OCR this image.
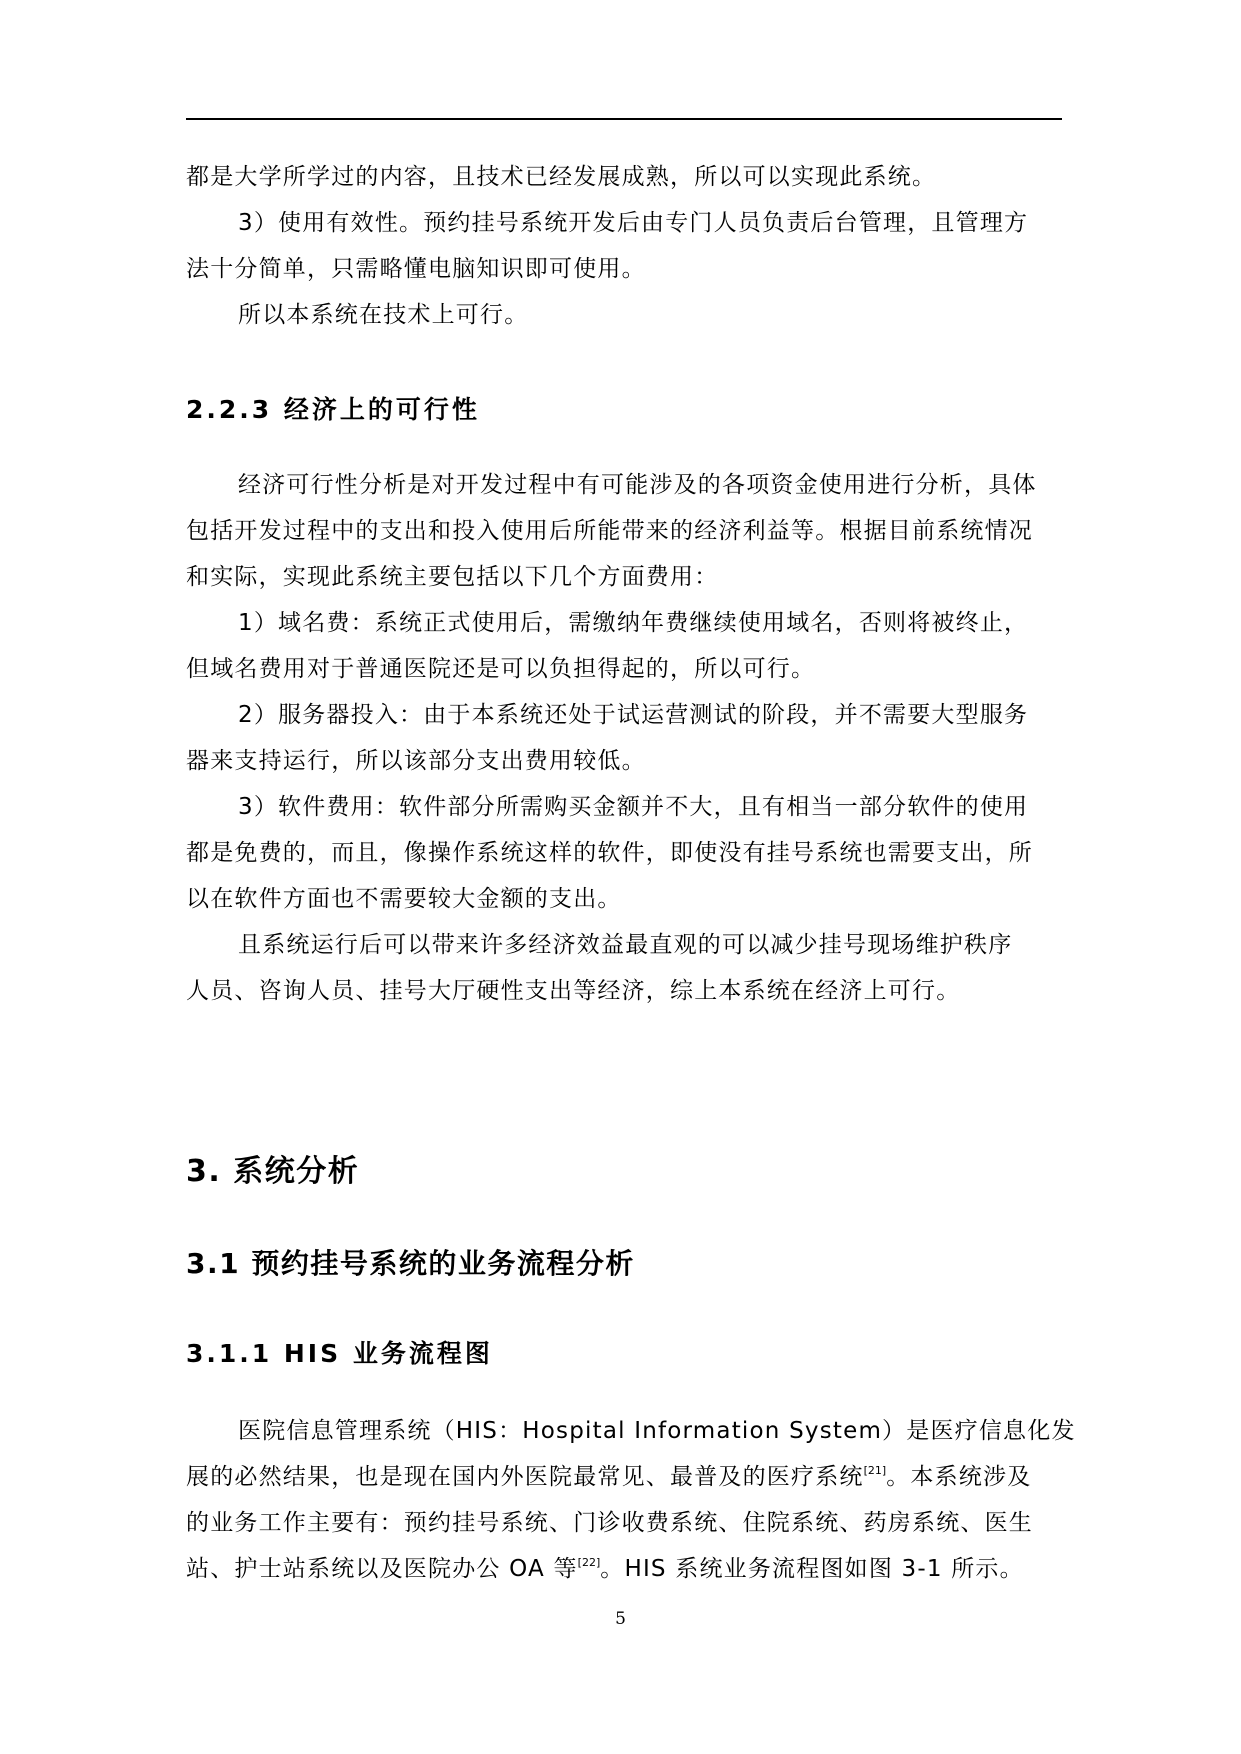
都是大学所学过的内容，且技术已经发展成熟，所以可以实现此系统。

3）使用有效性。预约挂号系统开发后由专门人员负责后台管理，且管理方

法十分简单，只需略懂电脑知识即可使用。

所以本系统在技术上可行。

2.2.3 经济上的可行性

经济可行性分析是对开发过程中有可能涉及的各项资金使用进行分析，具体

包括开发过程中的支出和投入使用后所能带来的经济利益等。根据目前系统情况

和实际，实现此系统主要包括以下几个方面费用：

1）域名费：系统正式使用后，需缴纳年费继续使用域名，否则将被终止，

但域名费用对于普通医院还是可以负担得起的，所以可行。

2）服务器投入：由于本系统还处于试运营测试的阶段，并不需要大型服务

器来支持运行，所以该部分支出费用较低。

3）软件费用：软件部分所需购买金额并不大，且有相当一部分软件的使用

都是免费的，而且，像操作系统这样的软件，即使没有挂号系统也需要支出，所

以在软件方面也不需要较大金额的支出。

且系统运行后可以带来许多经济效益最直观的可以减少挂号现场维护秩序

人员、咨询人员、挂号大厅硬性支出等经济，综上本系统在经济上可行。

3. 系统分析
3.1 预约挂号系统的业务流程分析
3.1.1 HIS 业务流程图

医院信息管理系统（HIS：Hospital Information System）是医疗信息化发

展的必然结果，也是现在国内外医院最常见、最普及的医疗系统[21]。本系统涉及

的业务工作主要有：预约挂号系统、门诊收费系统、住院系统、药房系统、医生

站、护士站系统以及医院办公 OA 等[22]。HIS 系统业务流程图如图 3-1 所示。

5
